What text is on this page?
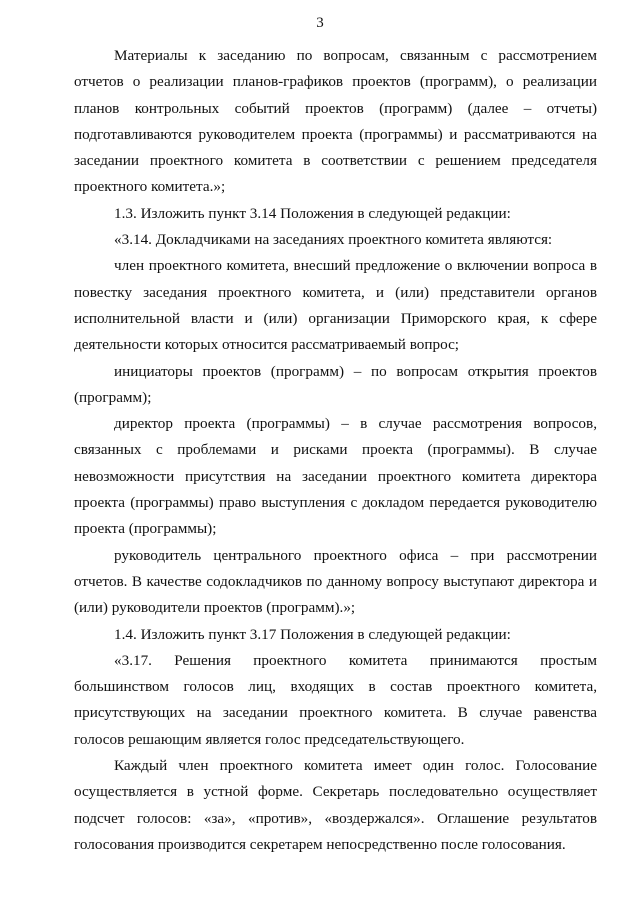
3

Материалы к заседанию по вопросам, связанным с рассмотрением отчетов о реализации планов-графиков проектов (программ), о реализации планов контрольных событий проектов (программ) (далее – отчеты) подготавливаются руководителем проекта (программы) и рассматриваются на заседании проектного комитета в соответствии с решением председателя проектного комитета.»;

1.3. Изложить пункт 3.14 Положения в следующей редакции:

«3.14. Докладчиками на заседаниях проектного комитета являются:

член проектного комитета, внесший предложение о включении вопроса в повестку заседания проектного комитета, и (или) представители органов исполнительной власти и (или) организации Приморского края, к сфере деятельности которых относится рассматриваемый вопрос;

инициаторы проектов (программ) – по вопросам открытия проектов (программ);

директор проекта (программы) – в случае рассмотрения вопросов, связанных с проблемами и рисками проекта (программы). В случае невозможности присутствия на заседании проектного комитета директора проекта (программы) право выступления с докладом передается руководителю проекта (программы);

руководитель центрального проектного офиса – при рассмотрении отчетов. В качестве содокладчиков по данному вопросу выступают директора и (или) руководители проектов (программ).»;

1.4. Изложить пункт 3.17 Положения в следующей редакции:

«3.17. Решения проектного комитета принимаются простым большинством голосов лиц, входящих в состав проектного комитета, присутствующих на заседании проектного комитета. В случае равенства голосов решающим является голос председательствующего.

Каждый член проектного комитета имеет один голос. Голосование осуществляется в устной форме. Секретарь последовательно осуществляет подсчет голосов: «за», «против», «воздержался». Оглашение результатов голосования производится секретарем непосредственно после голосования.
